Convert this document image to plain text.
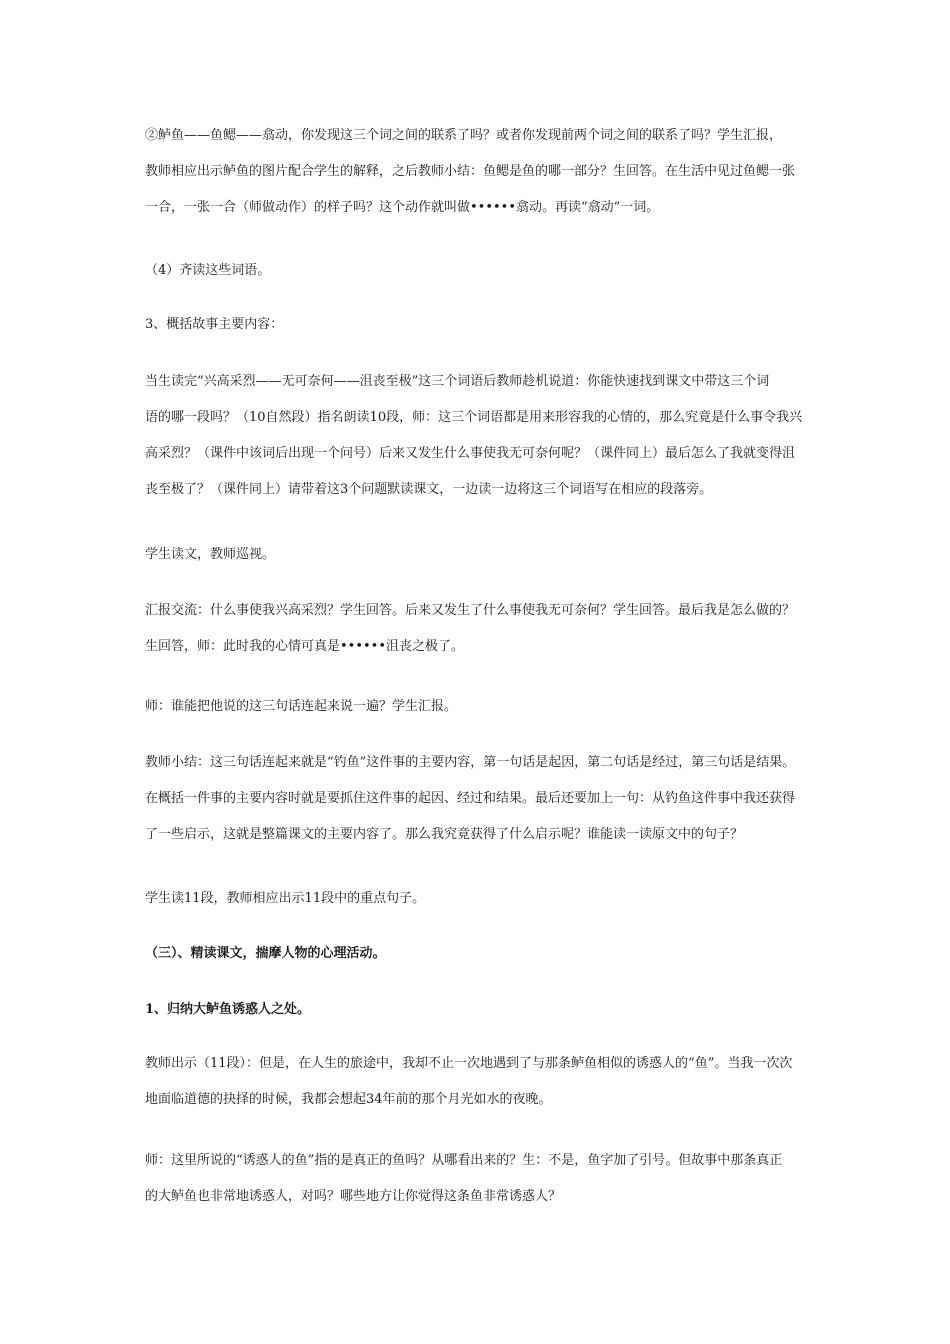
②鲈鱼——鱼鳃——翕动，你发现这三个词之间的联系了吗？或者你发现前两个词之间的联系了吗？学生汇报，
教师相应出示鲈鱼的图片配合学生的解释，之后教师小结：鱼鳃是鱼的哪一部分？生回答。在生活中见过鱼鳃一张
一合，一张一合（师做动作）的样子吗？这个动作就叫做••••••翕动。再读“翕动”一词。
（4）齐读这些词语。
3、概括故事主要内容：
当生读完“兴高采烈——无可奈何——沮丧至极”这三个词语后教师趁机说道：你能快速找到课文中带这三个词
语的哪一段吗？（10自然段）指名朗读10段，师：这三个词语都是用来形容我的心情的，那么究竟是什么事令我兴
高采烈？（课件中该词后出现一个问号）后来又发生什么事使我无可奈何呢？（课件同上）最后怎么了我就变得沮
丧至极了？（课件同上）请带着这3个问题默读课文，一边读一边将这三个词语写在相应的段落旁。
学生读文，教师巡视。
汇报交流：什么事使我兴高采烈？学生回答。后来又发生了什么事使我无可奈何？学生回答。最后我是怎么做的？
生回答，师：此时我的心情可真是••••••沮丧之极了。
师：谁能把他说的这三句话连起来说一遍？学生汇报。
教师小结：这三句话连起来就是“钓鱼”这件事的主要内容，第一句话是起因，第二句话是经过，第三句话是结果。
在概括一件事的主要内容时就是要抓住这件事的起因、经过和结果。最后还要加上一句：从钓鱼这件事中我还获得
了一些启示，这就是整篇课文的主要内容了。那么我究竟获得了什么启示呢？谁能读一读原文中的句子？
学生读11段，教师相应出示11段中的重点句子。
（三）、精读课文，揣摩人物的心理活动。
1、归纳大鲈鱼诱惑人之处。
教师出示（11段）：但是，在人生的旅途中，我却不止一次地遇到了与那条鲈鱼相似的诱惑人的“鱼”。当我一次次
地面临道德的抉择的时候，我都会想起34年前的那个月光如水的夜晚。
师：这里所说的“诱惑人的鱼”指的是真正的鱼吗？从哪看出来的？生：不是，鱼字加了引号。但故事中那条真正
的大鲈鱼也非常地诱惑人，对吗？哪些地方让你觉得这条鱼非常诱惑人？
